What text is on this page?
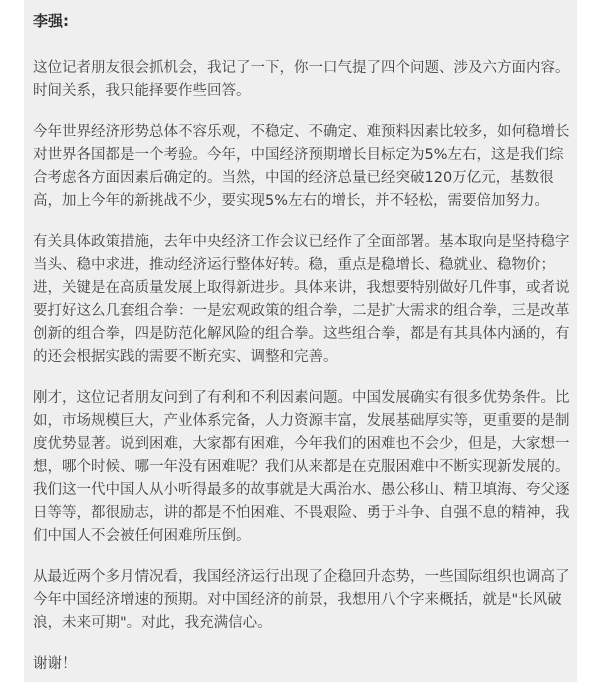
李强:

这位记者朋友很会抓机会，我记了一下，你一口气提了四个问题、涉及六方面内容。时间关系，我只能择要作些回答。

今年世界经济形势总体不容乐观，不稳定、不确定、难预料因素比较多，如何稳增长对世界各国都是一个考验。今年，中国经济预期增长目标定为5%左右，这是我们综合考虑各方面因素后确定的。当然，中国的经济总量已经突破120万亿元，基数很高，加上今年的新挑战不少，要实现5%左右的增长，并不轻松，需要倍加努力。

有关具体政策措施，去年中央经济工作会议已经作了全面部署。基本取向是坚持稳字当头、稳中求进，推动经济运行整体好转。稳，重点是稳增长、稳就业、稳物价；进，关键是在高质量发展上取得新进步。具体来讲，我想要特别做好几件事，或者说要打好这么几套组合拳：一是宏观政策的组合拳，二是扩大需求的组合拳，三是改革创新的组合拳，四是防范化解风险的组合拳。这些组合拳，都是有其具体内涵的，有的还会根据实践的需要不断充实、调整和完善。

刚才，这位记者朋友问到了有利和不利因素问题。中国发展确实有很多优势条件。比如，市场规模巨大，产业体系完备，人力资源丰富，发展基础厚实等，更重要的是制度优势显著。说到困难，大家都有困难，今年我们的困难也不会少，但是，大家想一想，哪个时候、哪一年没有困难呢？我们从来都是在克服困难中不断实现新发展的。我们这一代中国人从小听得最多的故事就是大禹治水、愚公移山、精卫填海、夸父逐日等等，都很励志，讲的都是不怕困难、不畏艰险、勇于斗争、自强不息的精神，我们中国人不会被任何困难所压倒。

从最近两个多月情况看，我国经济运行出现了企稳回升态势，一些国际组织也调高了今年中国经济增速的预期。对中国经济的前景，我想用八个字来概括，就是"长风破浪，未来可期"。对此，我充满信心。

谢谢！
